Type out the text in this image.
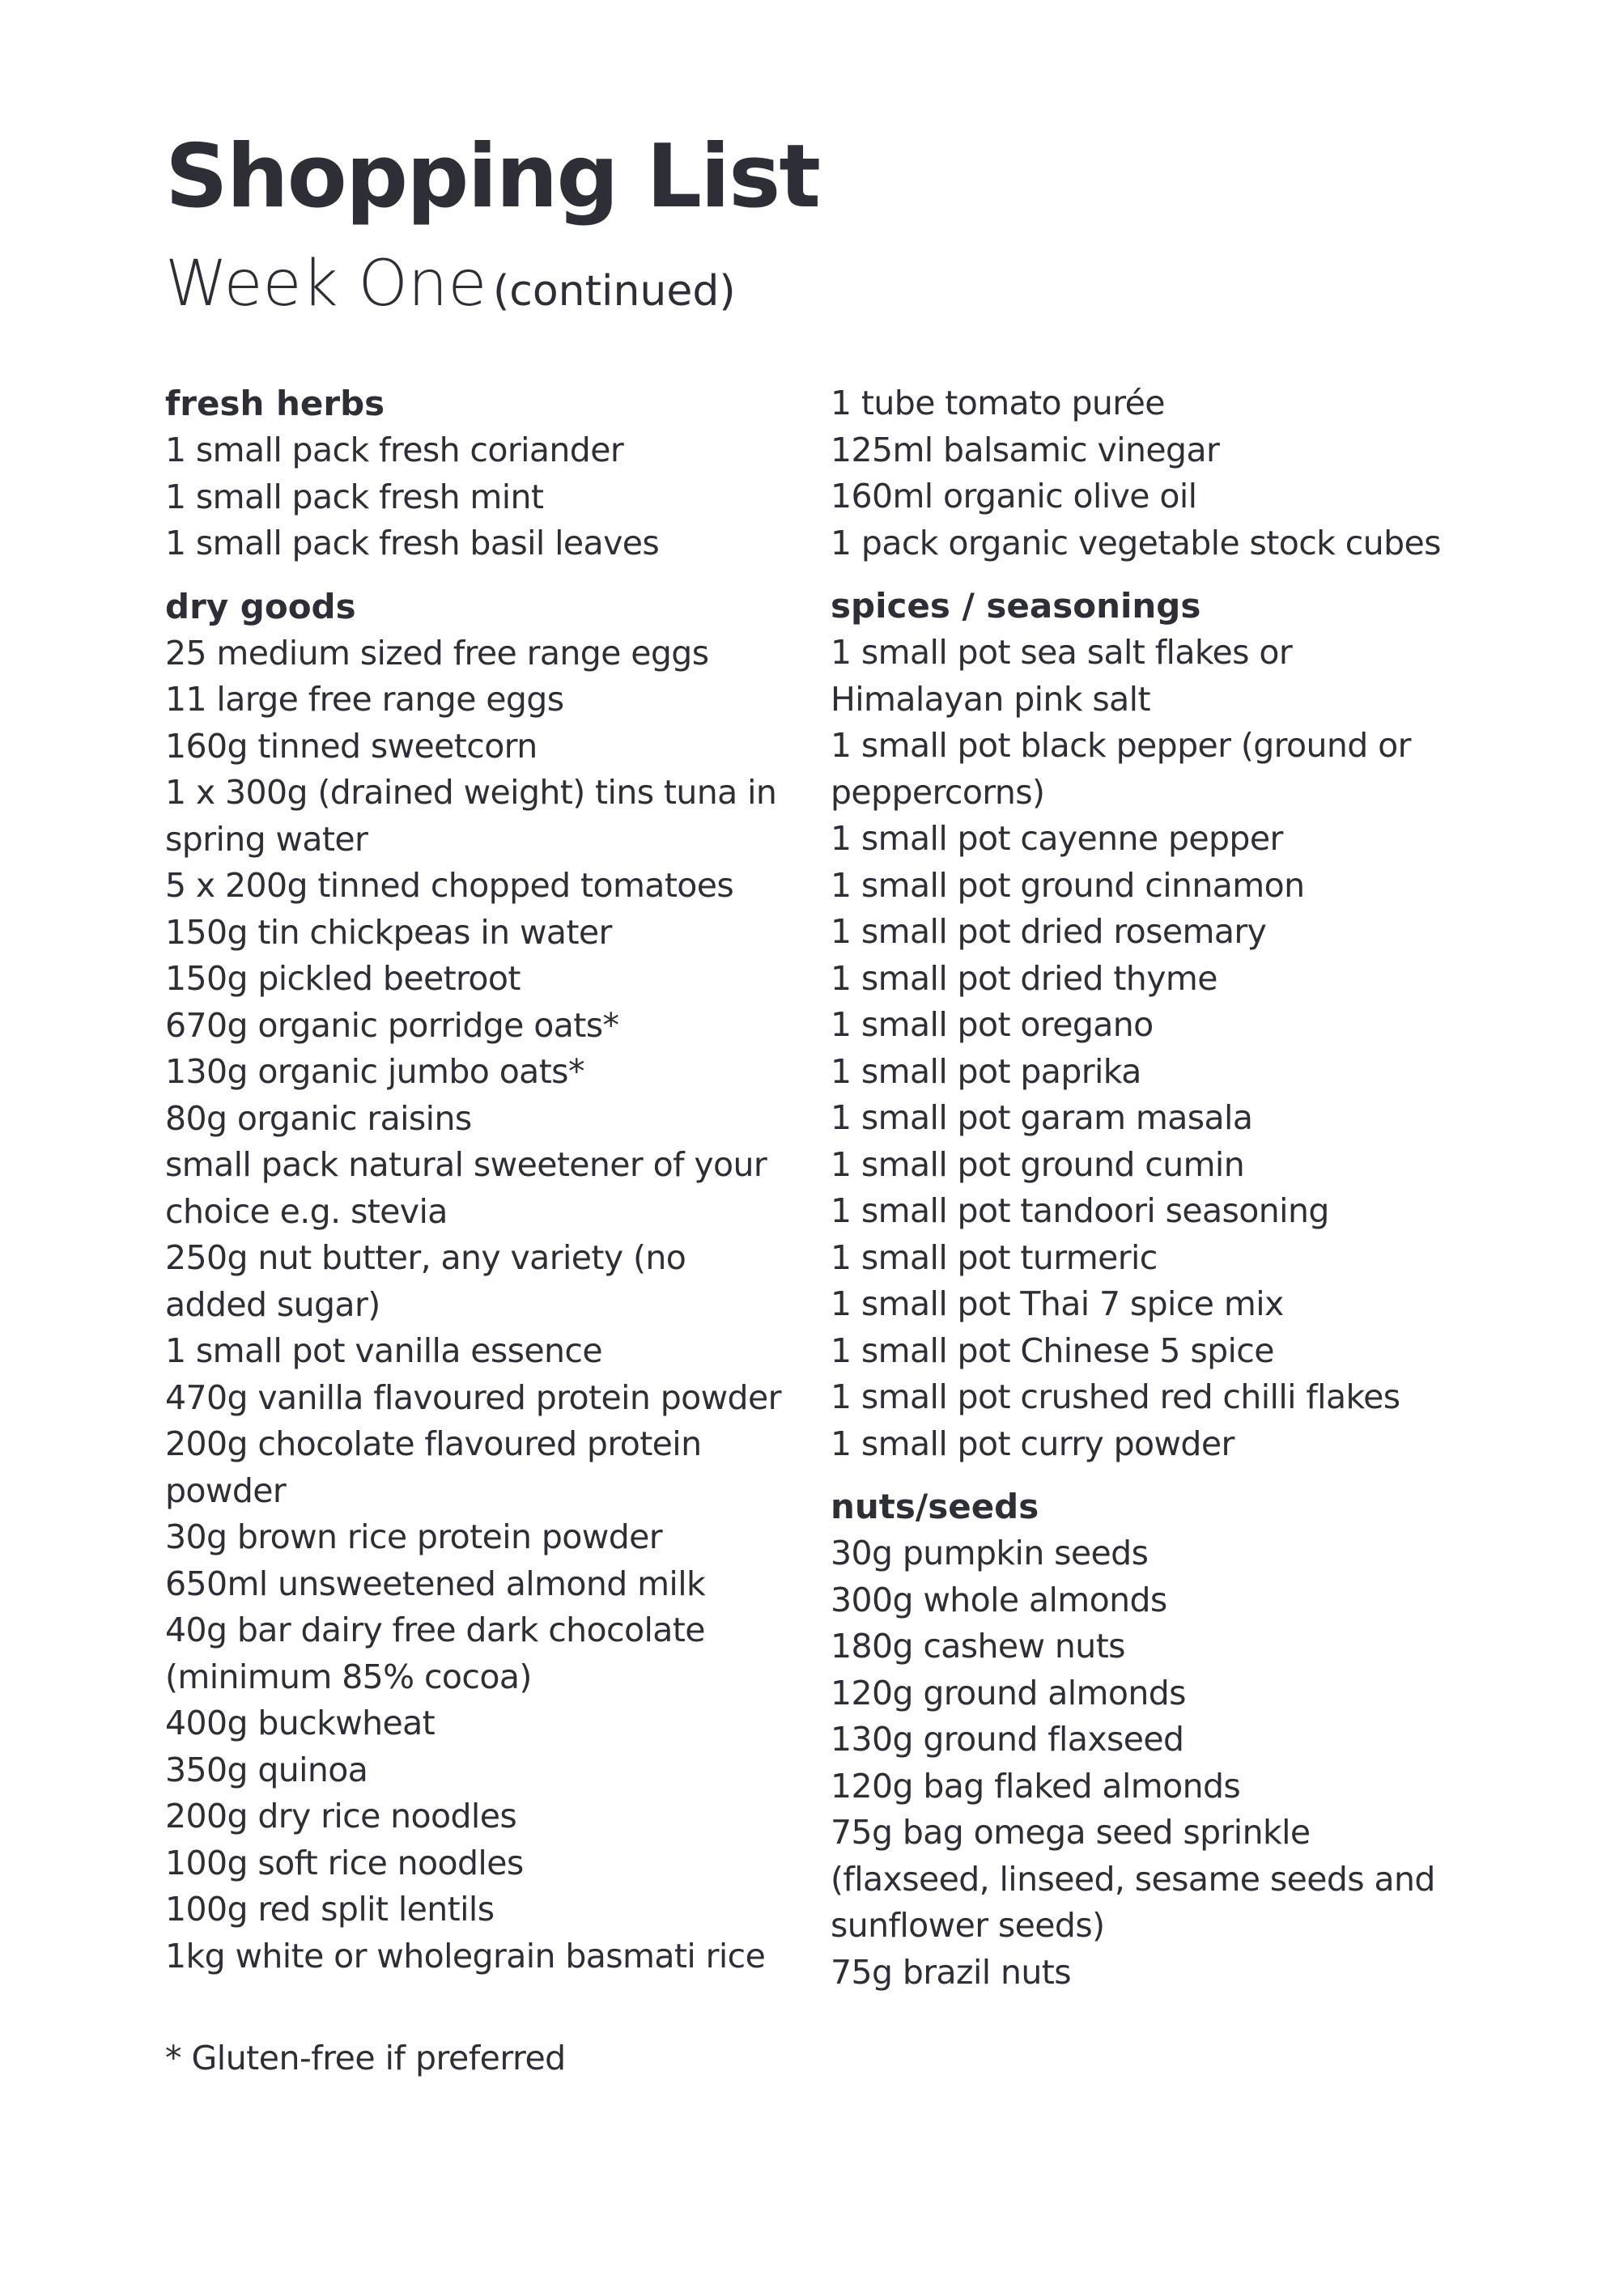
Shopping List
Week One (continued)
fresh herbs
1 small pack fresh coriander
1 small pack fresh mint
1 small pack fresh basil leaves
dry goods
25 medium sized free range eggs
11 large free range eggs
160g tinned sweetcorn
1 x 300g (drained weight) tins tuna in spring water
5 x 200g tinned chopped tomatoes
150g tin chickpeas in water
150g pickled beetroot
670g organic porridge oats*
130g organic jumbo oats*
80g organic raisins
small pack natural sweetener of your choice e.g. stevia
250g nut butter, any variety (no added sugar)
1 small pot vanilla essence
470g vanilla flavoured protein powder
200g chocolate flavoured protein powder
30g brown rice protein powder
650ml unsweetened almond milk
40g bar dairy free dark chocolate (minimum 85% cocoa)
400g buckwheat
350g quinoa
200g dry rice noodles
100g soft rice noodles
100g red split lentils
1kg white or wholegrain basmati rice
1 tube tomato purée
125ml balsamic vinegar
160ml organic olive oil
1 pack organic vegetable stock cubes
spices / seasonings
1 small pot sea salt flakes or Himalayan pink salt
1 small pot black pepper (ground or peppercorns)
1 small pot cayenne pepper
1 small pot ground cinnamon
1 small pot dried rosemary
1 small pot dried thyme
1 small pot oregano
1 small pot paprika
1 small pot garam masala
1 small pot ground cumin
1 small pot tandoori seasoning
1 small pot turmeric
1 small pot Thai 7 spice mix
1 small pot Chinese 5 spice
1 small pot crushed red chilli flakes
1 small pot curry powder
nuts/seeds
30g pumpkin seeds
300g whole almonds
180g cashew nuts
120g ground almonds
130g ground flaxseed
120g bag flaked almonds
75g bag omega seed sprinkle (flaxseed, linseed, sesame seeds and sunflower seeds)
75g brazil nuts
* Gluten-free if preferred
